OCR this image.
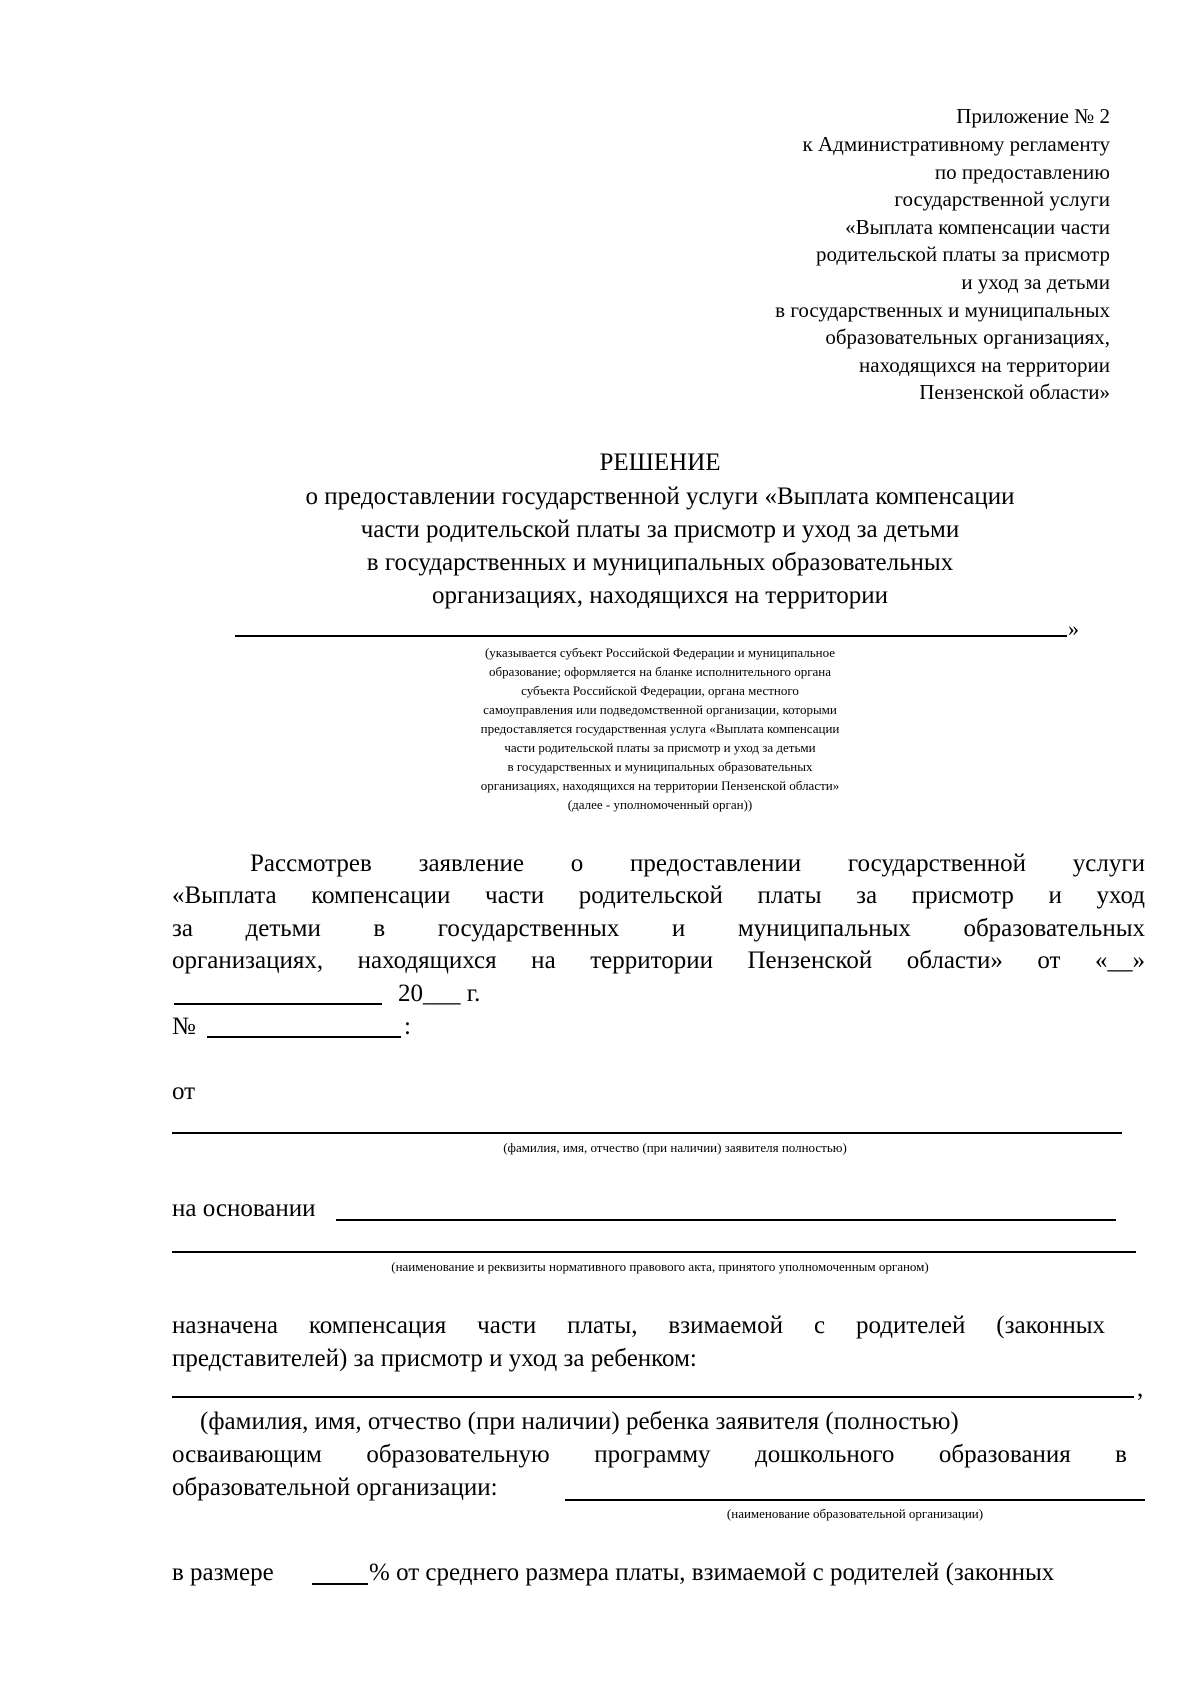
Приложение № 2
к Административному регламенту
по предоставлению
государственной услуги
«Выплата компенсации части
родительской платы за присмотр
и уход за детьми
в государственных и муниципальных
образовательных организациях,
находящихся на территории
Пензенской области»
РЕШЕНИЕ
о предоставлении государственной услуги «Выплата компенсации
части родительской платы за присмотр и уход за детьми
в государственных и муниципальных образовательных
организациях, находящихся на территории
»
(указывается субъект Российской Федерации и муниципальное
образование; оформляется на бланке исполнительного органа
субъекта Российской Федерации, органа местного
самоуправления или подведомственной организации, которыми
предоставляется государственная услуга «Выплата компенсации
части родительской платы за присмотр и уход за детьми
в государственных и муниципальных образовательных
организациях, находящихся на территории Пензенской области»
(далее - уполномоченный орган))
Рассмотрев заявление о предоставлении государственной услуги
«Выплата компенсации части родительской платы за присмотр и уход
за детьми в государственных и муниципальных образовательных
организациях, находящихся на территории Пензенской области» от «__»
20___ г.
№	:
от
(фамилия, имя, отчество (при наличии) заявителя полностью)
на основании
(наименование и реквизиты нормативного правового акта, принятого уполномоченным органом)
назначена компенсация части платы, взимаемой с родителей (законных
представителей) за присмотр и уход за ребенком:
,
(фамилия, имя, отчество (при наличии) ребенка заявителя (полностью)
осваивающим образовательную программу дошкольного образования в
образовательной организации:
(наименование образовательной организации)
в размере	% от среднего размера платы, взимаемой с родителей (законных
